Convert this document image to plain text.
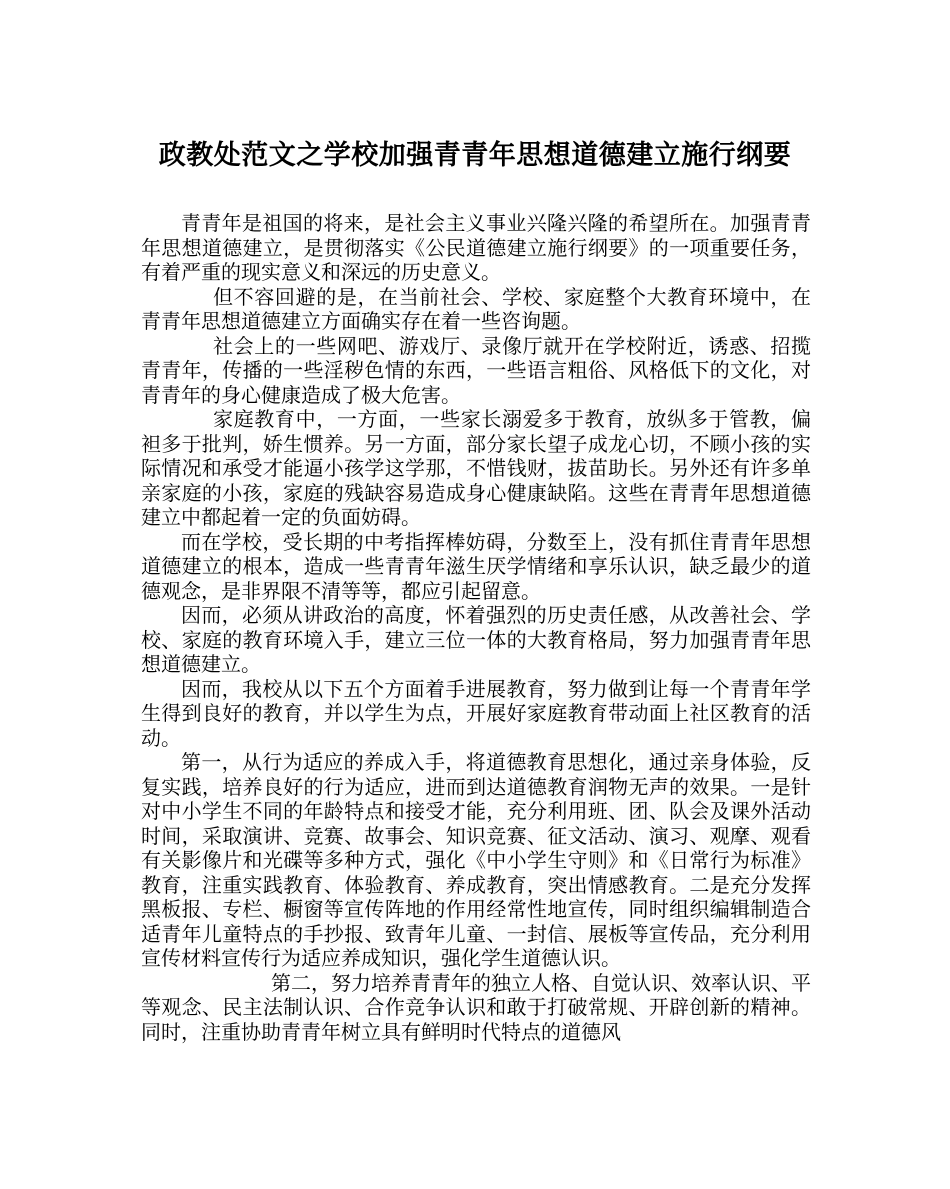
政教处范文之学校加强青青年思想道德建立施行纲要

青青年是祖国的将来，是社会主义事业兴隆兴隆的希望所在。加强青青年思想道德建立，是贯彻落实《公民道德建立施行纲要》的一项重要任务，有着严重的现实意义和深远的历史意义。

但不容回避的是，在当前社会、学校、家庭整个大教育环境中，在青青年思想道德建立方面确实存在着一些咨询题。

社会上的一些网吧、游戏厅、录像厅就开在学校附近，诱惑、招揽青青年，传播的一些淫秽色情的东西，一些语言粗俗、风格低下的文化，对青青年的身心健康造成了极大危害。

家庭教育中，一方面，一些家长溺爱多于教育，放纵多于管教，偏袒多于批判，娇生惯养。另一方面，部分家长望子成龙心切，不顾小孩的实际情况和承受才能逼小孩学这学那，不惜钱财，拔苗助长。另外还有许多单亲家庭的小孩，家庭的残缺容易造成身心健康缺陷。这些在青青年思想道德建立中都起着一定的负面妨碍。

而在学校，受长期的中考指挥棒妨碍，分数至上，没有抓住青青年思想道德建立的根本，造成一些青青年滋生厌学情绪和享乐认识，缺乏最少的道德观念，是非界限不清等等，都应引起留意。

因而，必须从讲政治的高度，怀着强烈的历史责任感，从改善社会、学校、家庭的教育环境入手，建立三位一体的大教育格局，努力加强青青年思想道德建立。

因而，我校从以下五个方面着手进展教育，努力做到让每一个青青年学生得到良好的教育，并以学生为点，开展好家庭教育带动面上社区教育的活动。

第一，从行为适应的养成入手，将道德教育思想化，通过亲身体验，反复实践，培养良好的行为适应，进而到达道德教育润物无声的效果。一是针对中小学生不同的年龄特点和接受才能，充分利用班、团、队会及课外活动时间，采取演讲、竞赛、故事会、知识竞赛、征文活动、演习、观摩、观看有关影像片和光碟等多种方式，强化《中小学生守则》和《日常行为标准》教育，注重实践教育、体验教育、养成教育，突出情感教育。二是充分发挥黑板报、专栏、橱窗等宣传阵地的作用经常性地宣传，同时组织编辑制造合适青年儿童特点的手抄报、致青年儿童、一封信、展板等宣传品，充分利用宣传材料宣传行为适应养成知识，强化学生道德认识。

第二，努力培养青青年的独立人格、自觉认识、效率认识、平等观念、民主法制认识、合作竞争认识和敢于打破常规、开辟创新的精神。同时，注重协助青青年树立具有鲜明时代特点的道德风
